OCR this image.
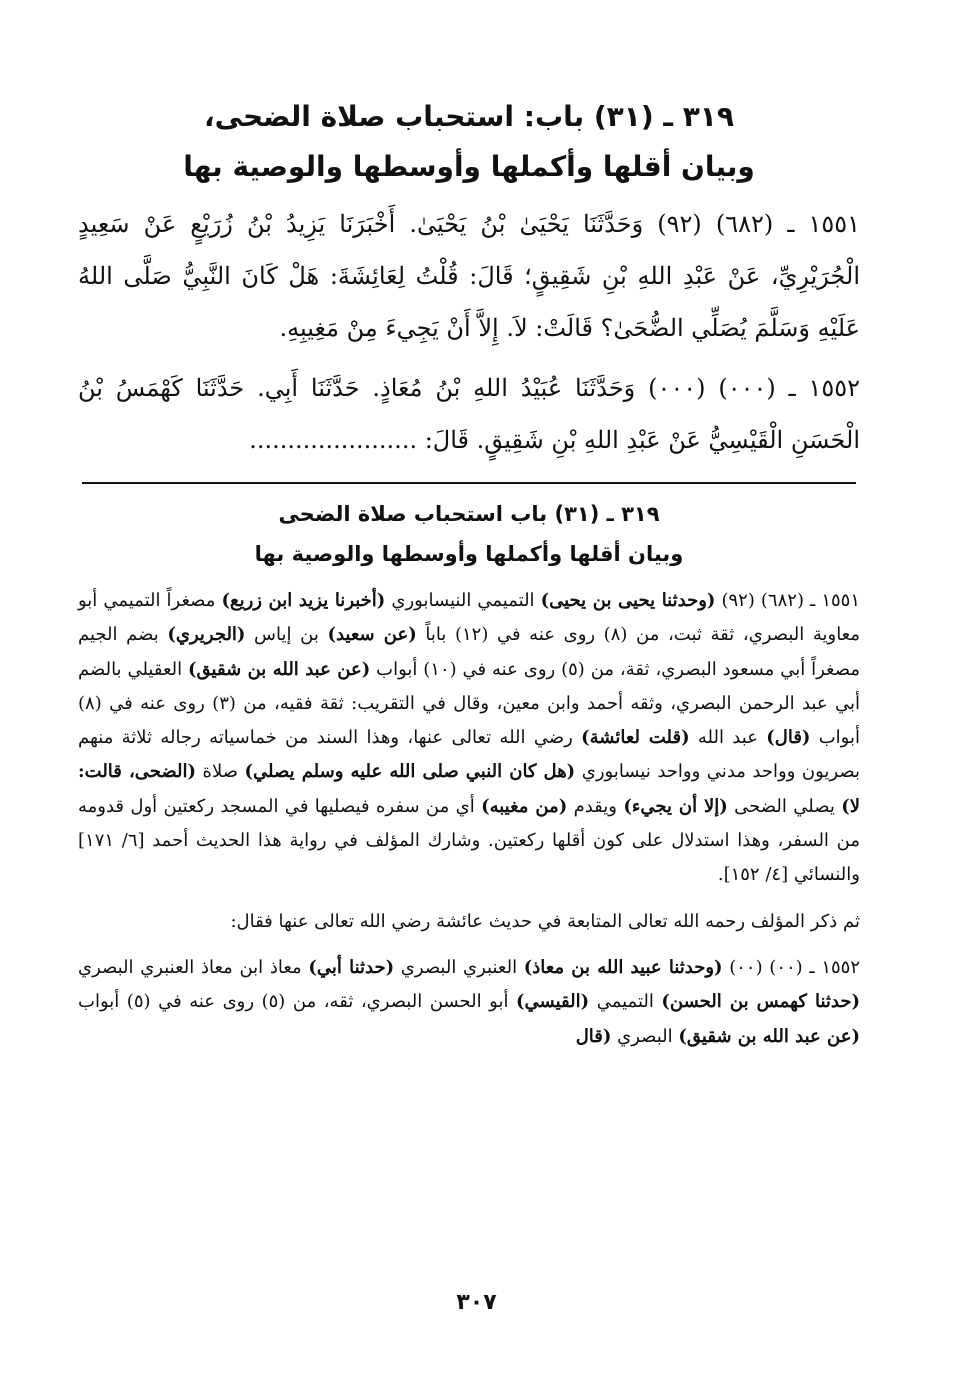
٣١٩ ـ (٣١) باب: استحباب صلاة الضحى،
وبيان أقلها وأكملها وأوسطها والوصية بها

١٥٥١ ـ (٦٨٢) (٩٢) وَحَدَّثَنَا يَحْيَىٰ بْنُ يَحْيَىٰ. أَخْبَرَنَا يَزِيدُ بْنُ زُرَيْعٍ عَنْ سَعِيدٍ الْجُرَيْرِيِّ، عَنْ عَبْدِ اللهِ بْنِ شَقِيقٍ؛ قَالَ: قُلْتُ لِعَائِشَةَ: هَلْ كَانَ النَّبِيُّ صَلَّى اللهُ عَلَيْهِ وَسَلَّمَ يُصَلِّي الضُّحَىٰ؟ قَالَتْ: لاَ. إِلاَّ أَنْ يَجِيءَ مِنْ مَغِيبِهِ.

١٥٥٢ ـ (٠٠٠) (٠٠٠) وَحَدَّثَنَا عُبَيْدُ اللهِ بْنُ مُعَاذٍ. حَدَّثَنَا أَبِي. حَدَّثَنَا كَهْمَسُ بْنُ الْحَسَنِ الْقَيْسِيُّ عَنْ عَبْدِ اللهِ بْنِ شَقِيقٍ. قَالَ: ......................

٣١٩ ـ (٣١) باب استحباب صلاة الضحى
وبيان أقلها وأكملها وأوسطها والوصية بها

١٥٥١ ـ (٦٨٢) (٩٢) (وحدثنا يحيى بن يحيى) التميمي النيسابوري (أخبرنا يزيد ابن زريع) مصغراً التميمي أبو معاوية البصري، ثقة ثبت، من (٨) روى عنه في (١٢) باباً (عن سعيد) بن إياس (الجريري) بضم الجيم مصغراً أبي مسعود البصري، ثقة، من (٥) روى عنه في (١٠) أبواب (عن عبد الله بن شقيق) العقيلي بالضم أبي عبد الرحمن البصري، وثقه أحمد وابن معين، وقال في التقريب: ثقة فقيه، من (٣) روى عنه في (٨) أبواب (قال) عبد الله (قلت لعائشة) رضي الله تعالى عنها، وهذا السند من خماسياته رجاله ثلاثة منهم بصريون وواحد مدني وواحد نيسابوري (هل كان النبي صلى الله عليه وسلم يصلي) صلاة (الضحى، قالت: لا) يصلي الضحى (إلا أن يجيء) ويقدم (من مغيبه) أي من سفره فيصليها في المسجد ركعتين أول قدومه من السفر، وهذا استدلال على كون أقلها ركعتين. وشارك المؤلف في رواية هذا الحديث أحمد [٦/ ١٧١] والنسائي [٤/ ١٥٢].

ثم ذكر المؤلف رحمه الله تعالى المتابعة في حديث عائشة رضي الله تعالى عنها فقال:

١٥٥٢ ـ (٠٠) (٠٠) (وحدثنا عبيد الله بن معاذ) العنبري البصري (حدثنا أبي) معاذ ابن معاذ العنبري البصري (حدثنا كهمس بن الحسن) التميمي (القيسي) أبو الحسن البصري، ثقه، من (٥) روى عنه في (٥) أبواب (عن عبد الله بن شقيق) البصري (قال

٣٠٧
